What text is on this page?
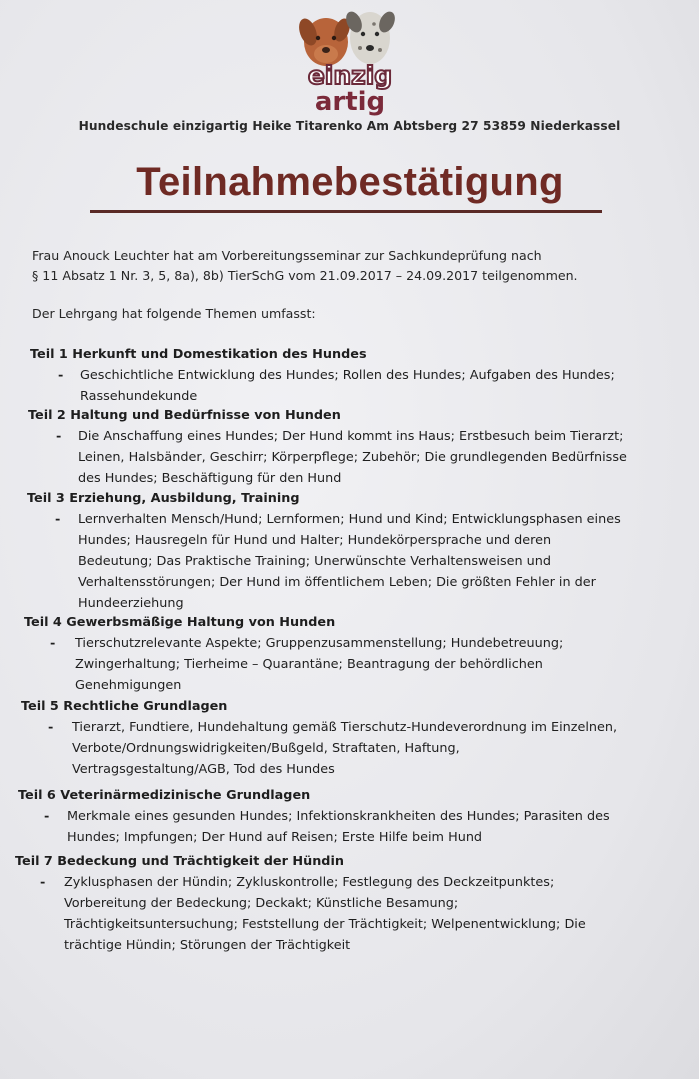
einzig
artig
Hundeschule einzigartig Heike Titarenko Am Abtsberg 27 53859 Niederkassel
Teilnahmebestätigung
Frau Anouck Leuchter hat am Vorbereitungsseminar zur Sachkundeprüfung nach
§ 11 Absatz 1 Nr. 3, 5, 8a), 8b) TierSchG vom 21.09.2017 – 24.09.2017 teilgenommen.
Der Lehrgang hat folgende Themen umfasst:
Teil 1 Herkunft und Domestikation des Hundes
- Geschichtliche Entwicklung des Hundes; Rollen des Hundes; Aufgaben des Hundes;
Rassehundekunde
Teil 2 Haltung und Bedürfnisse von Hunden
- Die Anschaffung eines Hundes; Der Hund kommt ins Haus; Erstbesuch beim Tierarzt;
Leinen, Halsbänder, Geschirr; Körperpflege; Zubehör; Die grundlegenden Bedürfnisse
des Hundes; Beschäftigung für den Hund
Teil 3 Erziehung, Ausbildung, Training
- Lernverhalten Mensch/Hund; Lernformen; Hund und Kind; Entwicklungsphasen eines
Hundes; Hausregeln für Hund und Halter; Hundekörpersprache und deren
Bedeutung; Das Praktische Training; Unerwünschte Verhaltensweisen und
Verhaltensstörungen; Der Hund im öffentlichem Leben; Die größten Fehler in der
Hundeerziehung
Teil 4 Gewerbsmäßige Haltung von Hunden
- Tierschutzrelevante Aspekte; Gruppenzusammenstellung; Hundebetreuung;
Zwingerhaltung; Tierheime – Quarantäne; Beantragung der behördlichen
Genehmigungen
Teil 5 Rechtliche Grundlagen
- Tierarzt, Fundtiere, Hundehaltung gemäß Tierschutz-Hundeverordnung im Einzelnen,
Verbote/Ordnungswidrigkeiten/Bußgeld, Straftaten, Haftung,
Vertragsgestaltung/AGB, Tod des Hundes
Teil 6 Veterinärmedizinische Grundlagen
- Merkmale eines gesunden Hundes; Infektionskrankheiten des Hundes; Parasiten des
Hundes; Impfungen; Der Hund auf Reisen; Erste Hilfe beim Hund
Teil 7 Bedeckung und Trächtigkeit der Hündin
- Zyklusphasen der Hündin; Zykluskontrolle; Festlegung des Deckzeitpunktes;
Vorbereitung der Bedeckung; Deckakt; Künstliche Besamung;
Trächtigkeitsuntersuchung; Feststellung der Trächtigkeit; Welpenentwicklung; Die
trächtige Hündin; Störungen der Trächtigkeit
